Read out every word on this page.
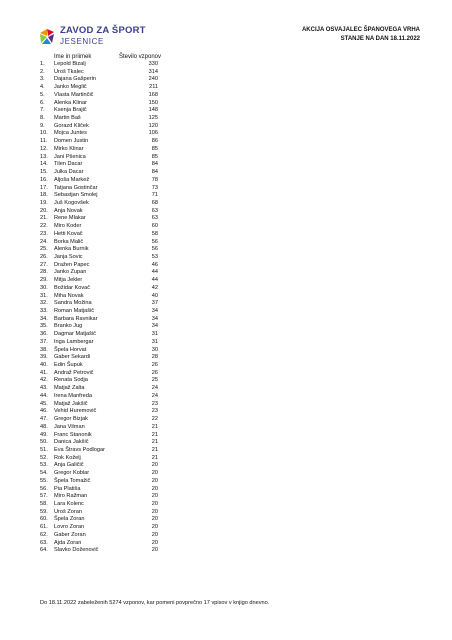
ZAVOD ZA ŠPORT
JESENICE
AKCIJA OSVAJALEC ŠPANOVEGA VRHA
STANJE NA DAN 18.11.2022
Ime in priimek	Število vzponov
1. Lepold Bizalj	330
2. Uroš Tkalec	314
3. Dajana Gašperin	240
4. Janko Meglič	211
5. Vlasta Martinčič	168
6. Alenka Klinar	150
7. Ksenja Brajič	148
8. Martin Baš	125
9. Gorazd Kliček	120
10. Mojca Juntes	106
11. Domen Justin	86
12. Mirko Klinar	85
13. Jani Pšenica	85
14. Tilen Dacar	84
15. Julka Dacar	84
16. Aljoša Markež	78
17. Tatjana Gostinčar	73
18. Sebastjan Smolej	71
19. Juš Kogovšek	68
20. Anja Novak	63
21. Rene Mlakar	63
22. Miro Koder	60
23. Hetti Kovač	58
24. Borka Malič	56
25. Alenka Burnik	56
26. Janja Sovic	53
27. Dražen Papec	46
28. Janko Zupan	44
29. Mitja Jekler	44
30. Božidar Kovač	42
31. Miha Novak	40
32. Sandra Možina	37
33. Roman Matjašič	34
34. Barbara Ravnikar	34
35. Branko Jug	34
36. Dagmar Matjašič	31
37. Inga Lambergar	31
38. Špela Horvat	30
39. Gaber Sekardi	28
40. Edin Šupuk	26
41. Andraž Petrovič	26
42. Renata Sodja	25
43. Matjaž Zalta	24
44. Irena Manfreda	24
45. Matjaž Jakšič	23
46. Vehid Huremovič	23
47. Gregor Bizjak	22
48. Jana Vilman	21
49. Franc Stanonik	21
50. Danica Jakšič	21
51. Eva Štravs Podlogar	21
52. Rok Koželj	21
53. Anja Galičič	20
54. Gregor Koblar	20
55. Špela Tomažič	20
56. Pia Platiša	20
57. Miro Ražman	20
58. Lara Kolenc	20
59. Uroš Zoran	20
60. Špela Zoran	20
61. Lovro Zoran	20
62. Gaber Zoran	20
63. Ajda Zoran	20
64. Slavko Doženovič	20
Do 18.11.2022 zabeleženih 5274 vzponov, kar pomeni povprečno 17 vpisov v knjigo dnevno.
